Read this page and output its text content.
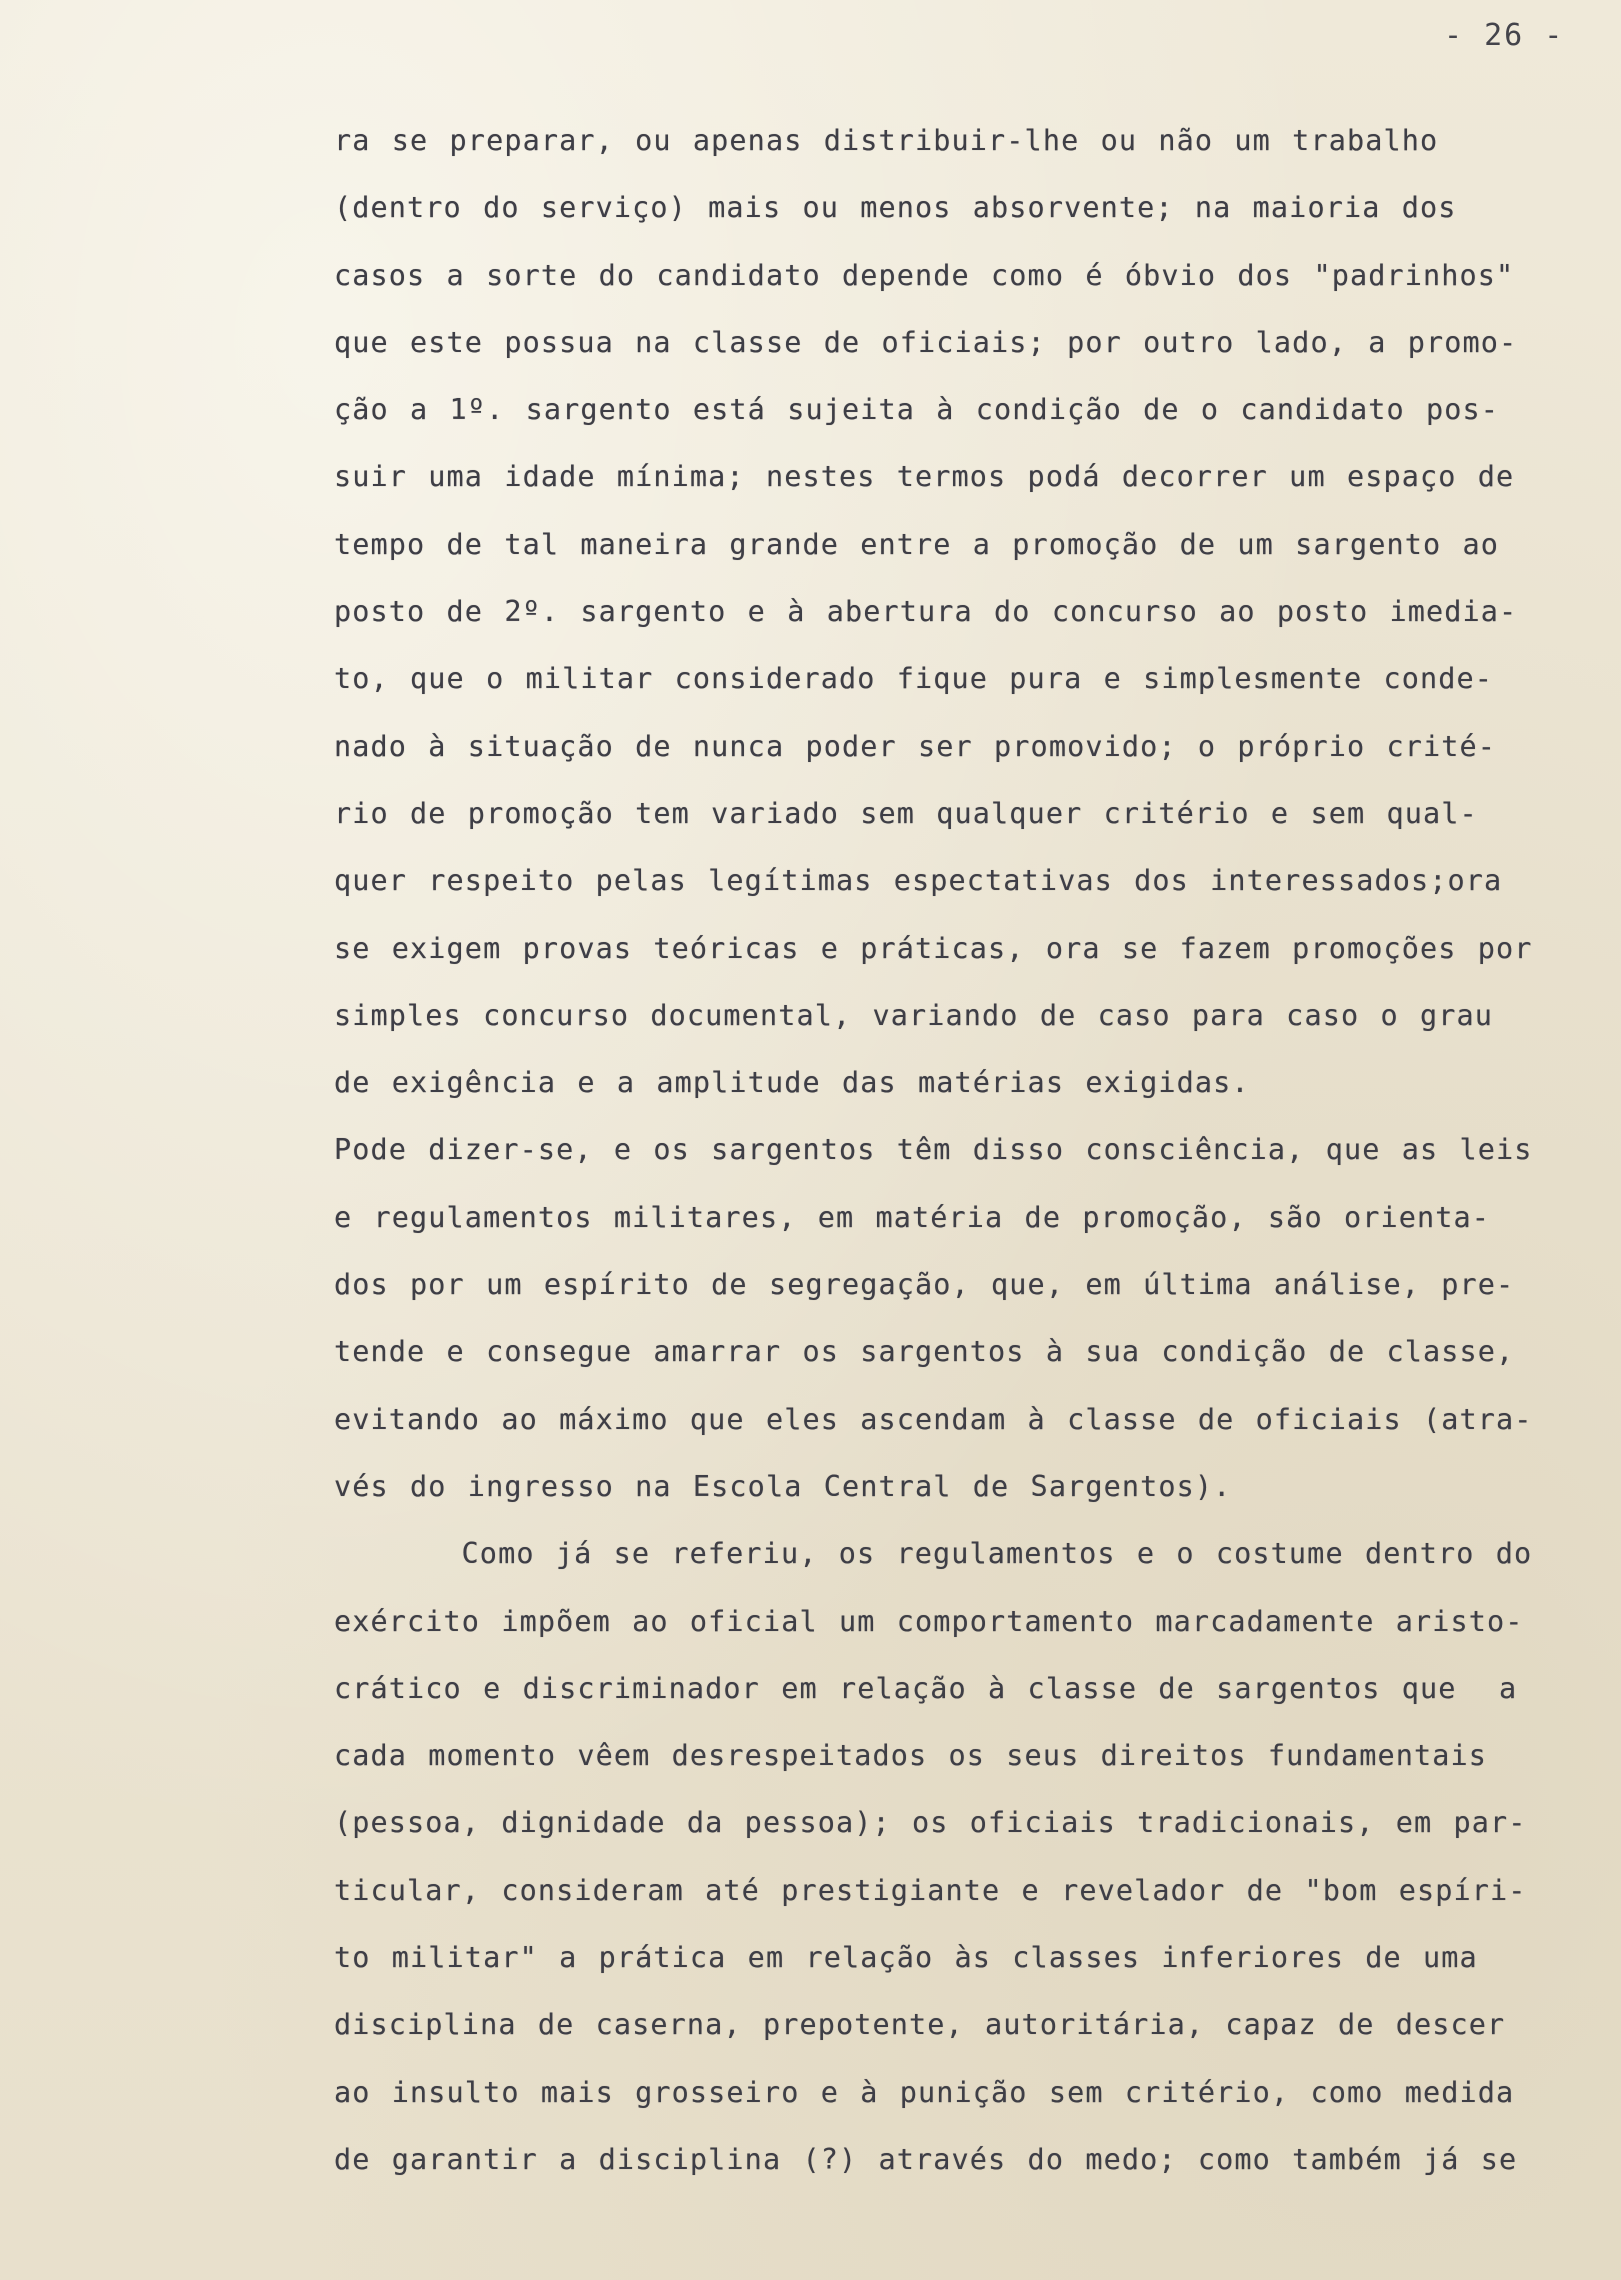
- 26 -
ra se preparar, ou apenas distribuir-lhe ou não um trabalho
(dentro do serviço) mais ou menos absorvente; na maioria dos
casos a sorte do candidato depende como é óbvio dos "padrinhos"
que este possua na classe de oficiais; por outro lado, a promo-
ção a 1º. sargento está sujeita à condição de o candidato pos-
suir uma idade mínima; nestes termos podá decorrer um espaço de
tempo de tal maneira grande entre a promoção de um sargento ao
posto de 2º. sargento e à abertura do concurso ao posto imedia-
to, que o militar considerado fique pura e simplesmente conde-
nado à situação de nunca poder ser promovido; o próprio crité-
rio de promoção tem variado sem qualquer critério e sem qual-
quer respeito pelas legítimas espectativas dos interessados;ora
se exigem provas teóricas e práticas, ora se fazem promoções por
simples concurso documental, variando de caso para caso o grau
de exigência e a amplitude das matérias exigidas.
Pode dizer-se, e os sargentos têm disso consciência, que as leis
e regulamentos militares, em matéria de promoção, são orienta-
dos por um espírito de segregação, que, em última análise, pre-
tende e consegue amarrar os sargentos à sua condição de classe,
evitando ao máximo que eles ascendam à classe de oficiais (atra-
vés do ingresso na Escola Central de Sargentos).
Como já se referiu, os regulamentos e o costume dentro do
exército impõem ao oficial um comportamento marcadamente aristo-
crático e discriminador em relação à classe de sargentos que  a
cada momento vêem desrespeitados os seus direitos fundamentais
(pessoa, dignidade da pessoa); os oficiais tradicionais, em par-
ticular, consideram até prestigiante e revelador de "bom espíri-
to militar" a prática em relação às classes inferiores de uma
disciplina de caserna, prepotente, autoritária, capaz de descer
ao insulto mais grosseiro e à punição sem critério, como medida
de garantir a disciplina (?) através do medo; como também já se
